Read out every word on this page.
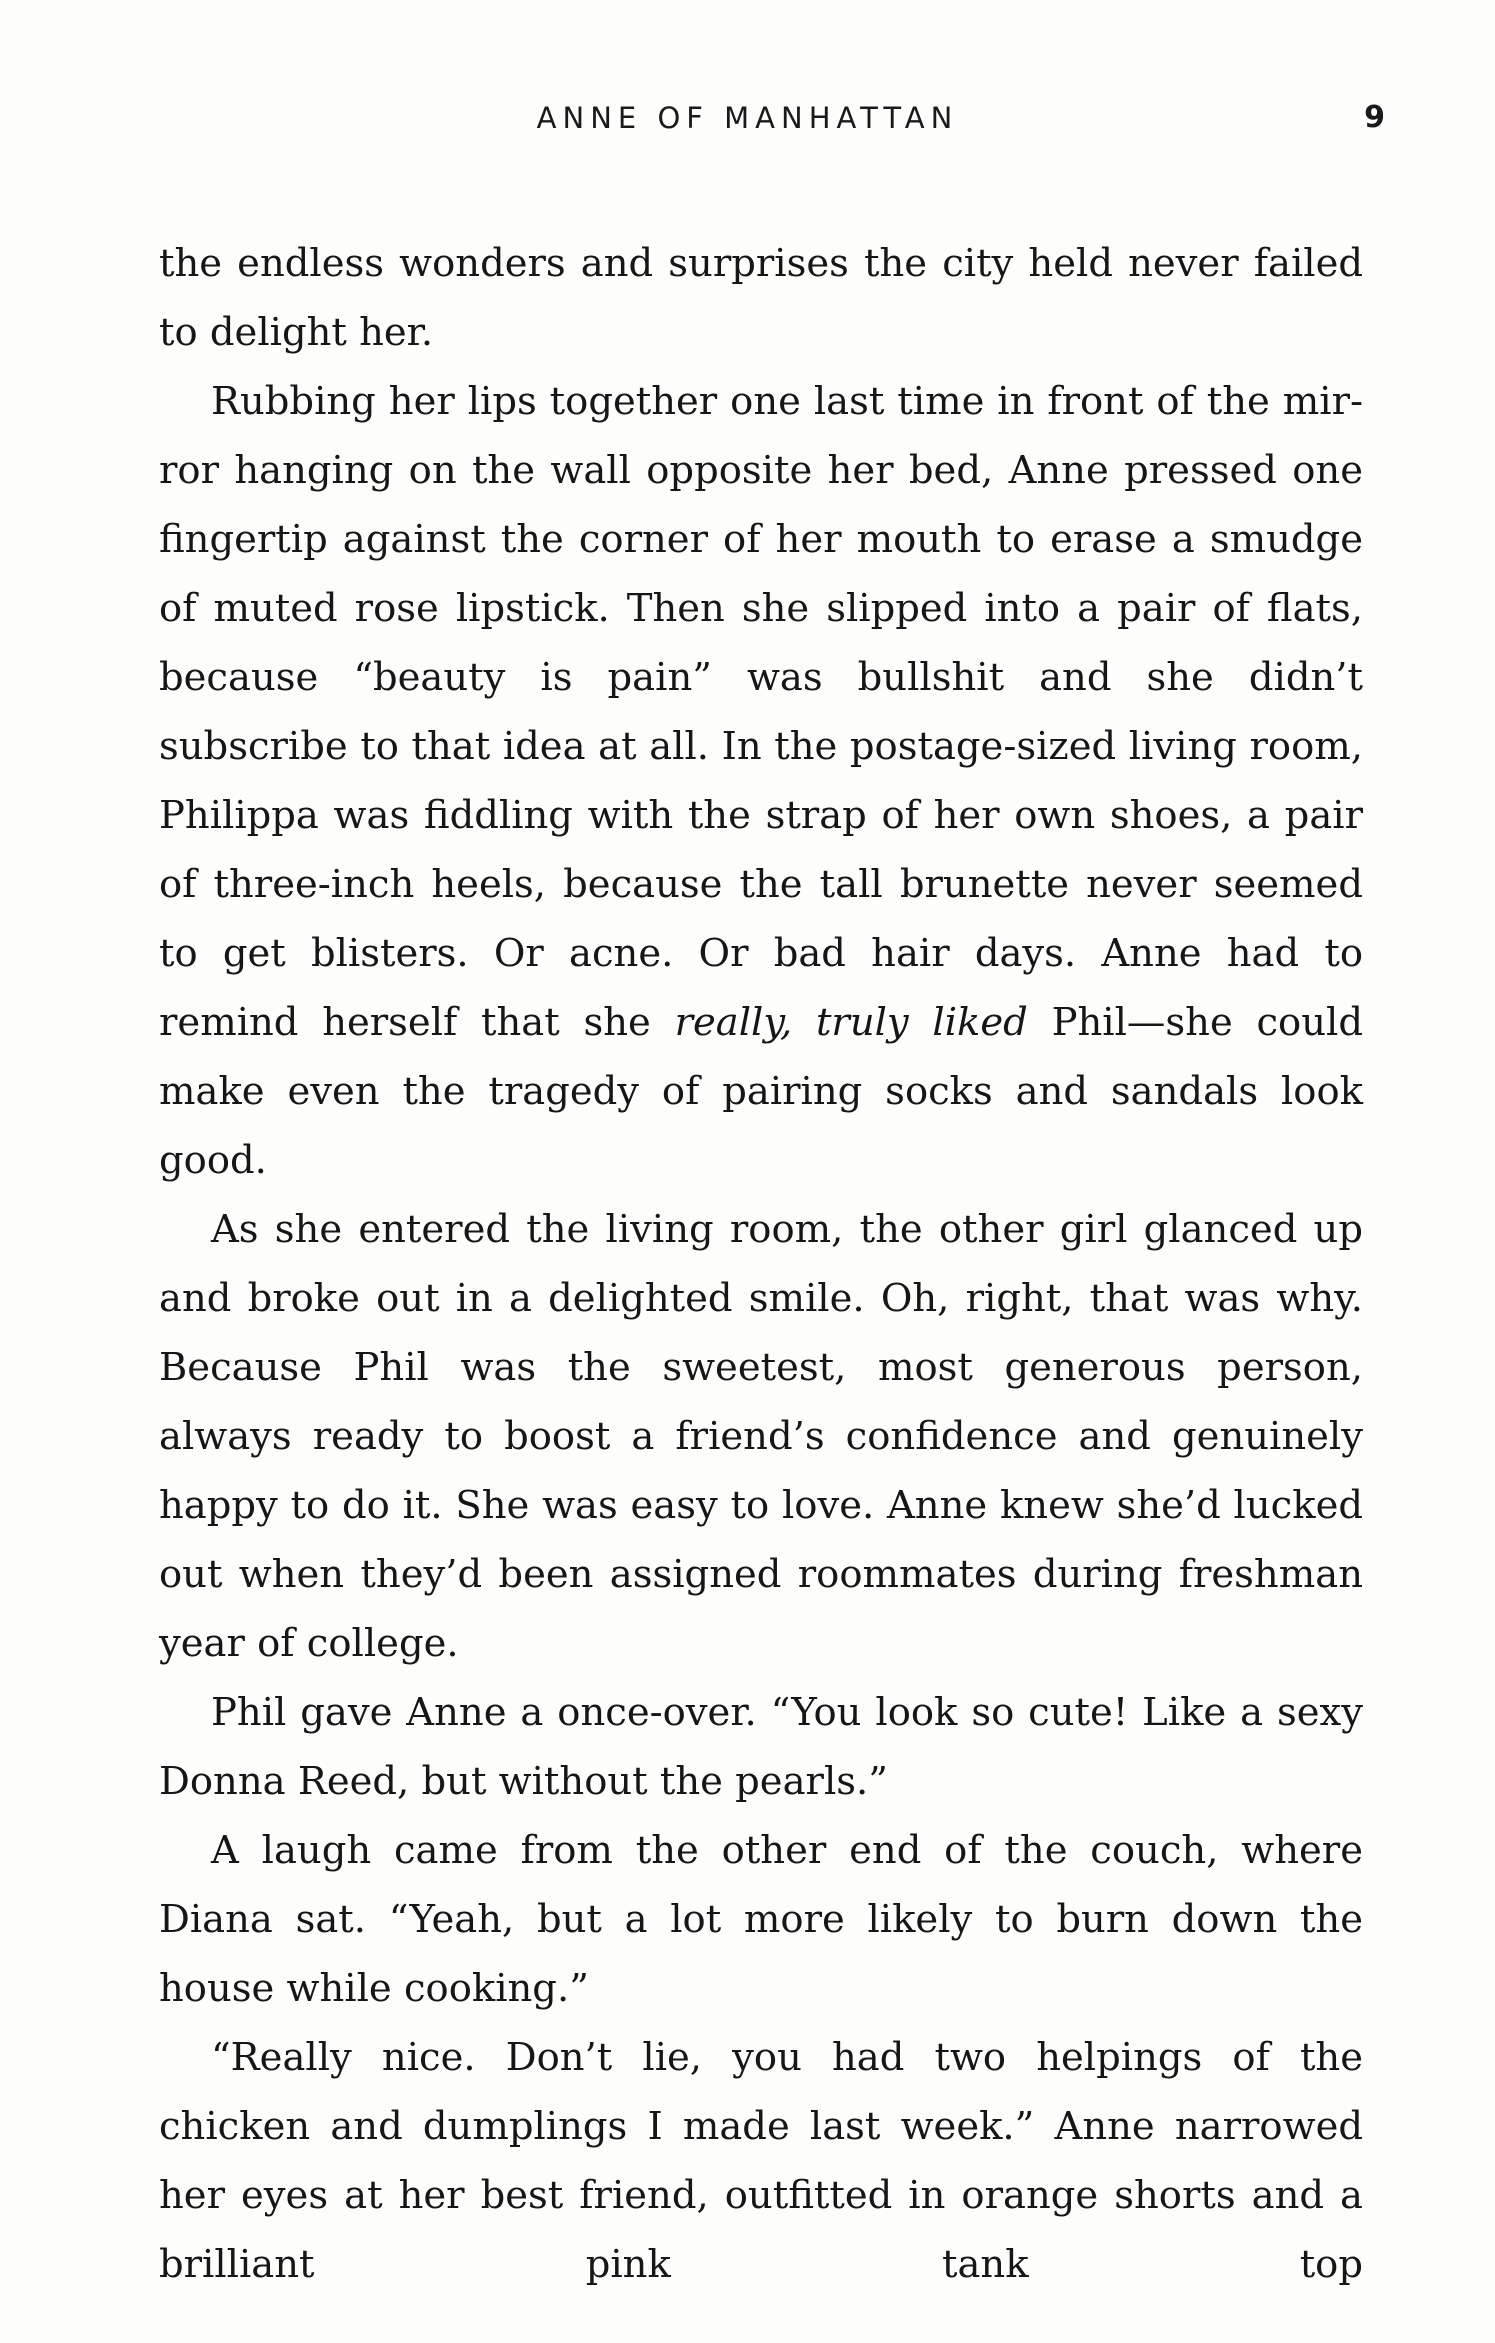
ANNE OF MANHATTAN	9

the endless wonders and surprises the city held never failed to delight her.

Rubbing her lips together one last time in front of the mirror hanging on the wall opposite her bed, Anne pressed one fingertip against the corner of her mouth to erase a smudge of muted rose lipstick. Then she slipped into a pair of flats, because “beauty is pain” was bullshit and she didn’t subscribe to that idea at all. In the postage-sized living room, Philippa was fiddling with the strap of her own shoes, a pair of three-inch heels, because the tall brunette never seemed to get blisters. Or acne. Or bad hair days. Anne had to remind herself that she really, truly liked Phil—she could make even the tragedy of pairing socks and sandals look good.

As she entered the living room, the other girl glanced up and broke out in a delighted smile. Oh, right, that was why. Because Phil was the sweetest, most generous person, always ready to boost a friend’s confidence and genuinely happy to do it. She was easy to love. Anne knew she’d lucked out when they’d been assigned roommates during freshman year of college.

Phil gave Anne a once-over. “You look so cute! Like a sexy Donna Reed, but without the pearls.”

A laugh came from the other end of the couch, where Diana sat. “Yeah, but a lot more likely to burn down the house while cooking.”

“Really nice. Don’t lie, you had two helpings of the chicken and dumplings I made last week.” Anne narrowed her eyes at her best friend, outfitted in orange shorts and a brilliant pink tank top
